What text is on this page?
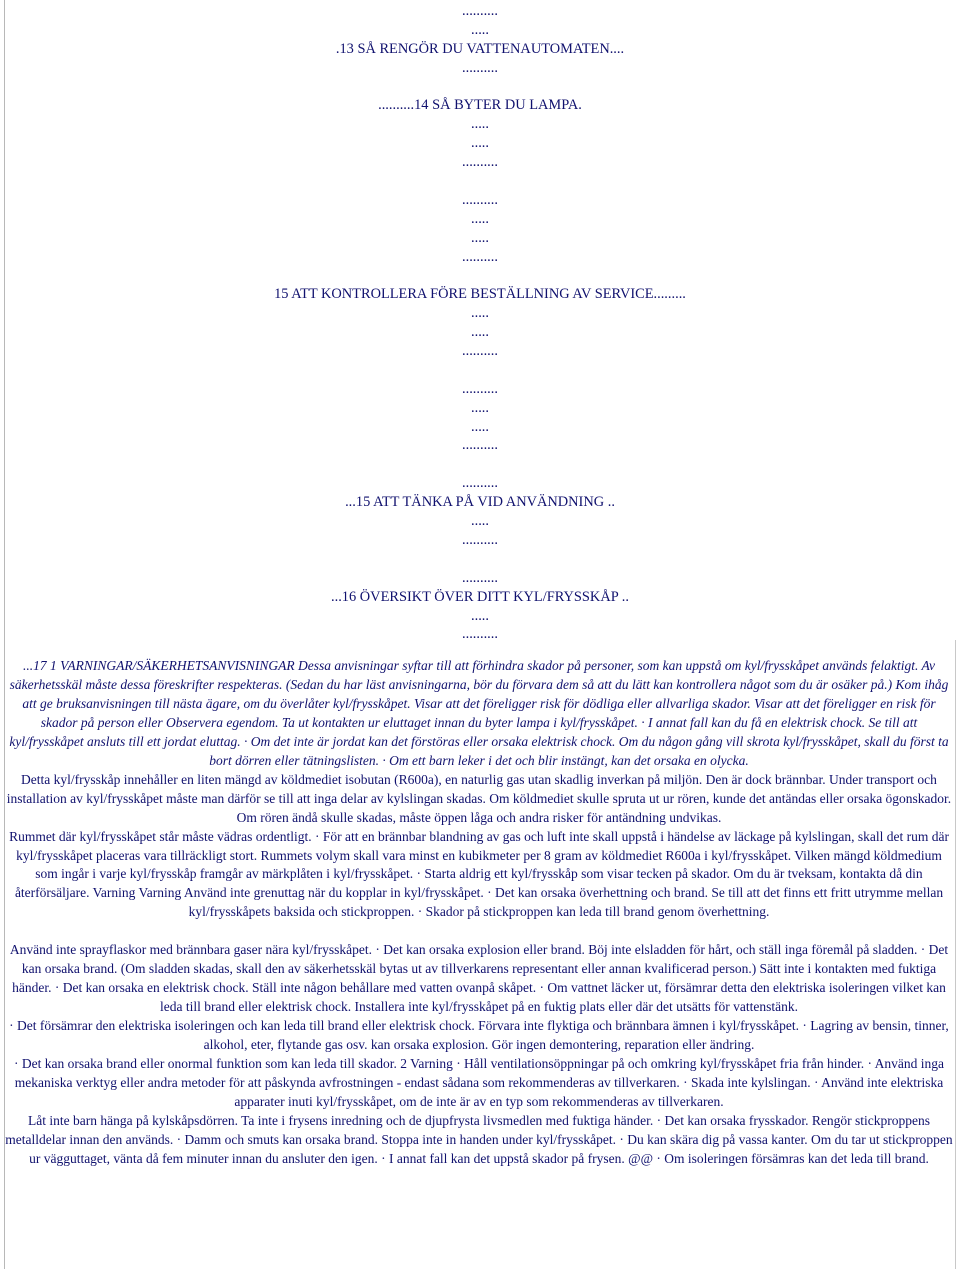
..........
.....
.13 SÅ RENGÖR DU VATTENAUTOMATEN....
..........
..........14 SÅ BYTER DU LAMPA.
.....
.....
..........
..........
.....
.....
..........
15 ATT KONTROLLERA FÖRE BESTÄLLNING AV SERVICE.........
.....
.....
..........
..........
.....
.....
..........
..........
...15 ATT TÄNKA PÅ VID ANVÄNDNING ..
.....
..........
..........
...16 ÖVERSIKT ÖVER DITT KYL/FRYSSKÅP ..
.....
..........

...17 1 VARNINGAR/SÄKERHETSANVISNINGAR Dessa anvisningar syftar till att förhindra skador på personer, som kan uppstå om kyl/frysskåpet används felaktigt. Av säkerhetsskäl måste dessa föreskrifter respekteras. (Sedan du har läst anvisningarna, bör du förvara dem så att du lätt kan kontrollera något som du är osäker på.) Kom ihåg att ge bruksanvisningen till nästa ägare, om du överlåter kyl/frysskåpet. Visar att det föreligger risk för dödliga eller allvarliga skador. Visar att det föreligger en risk för skador på person eller Observera egendom. Ta ut kontakten ur eluttaget innan du byter lampa i kyl/frysskåpet. · I annat fall kan du få en elektrisk chock. Se till att kyl/frysskåpet ansluts till ett jordat eluttag. · Om det inte är jordat kan det förstöras eller orsaka elektrisk chock. Om du någon gång vill skrota kyl/frysskåpet, skall du först ta bort dörren eller tätningslisten. · Om ett barn leker i det och blir instängt, kan det orsaka en olycka.

Detta kyl/frysskåp innehåller en liten mängd av köldmediet isobutan (R600a), en naturlig gas utan skadlig inverkan på miljön. Den är dock brännbar. Under transport och installation av kyl/frysskåpet måste man därför se till att inga delar av kylslingan skadas. Om köldmediet skulle spruta ut ur rören, kunde det antändas eller orsaka ögonskador. Om rören ändå skulle skadas, måste öppen låga och andra risker för antändning undvikas.

Rummet där kyl/frysskåpet står måste vädras ordentligt. · För att en brännbar blandning av gas och luft inte skall uppstå i händelse av läckage på kylslingan, skall det rum där kyl/frysskåpet placeras vara tillräckligt stort. Rummets volym skall vara minst en kubikmeter per 8 gram av köldmediet R600a i kyl/frysskåpet. Vilken mängd köldmedium som ingår i varje kyl/frysskåp framgår av märkplåten i kyl/frysskåpet. · Starta aldrig ett kyl/frysskåp som visar tecken på skador. Om du är tveksam, kontakta då din återförsäljare. Varning Varning Använd inte grenuttag när du kopplar in kyl/frysskåpet. · Det kan orsaka överhettning och brand. Se till att det finns ett fritt utrymme mellan kyl/frysskåpets baksida och stickproppen. · Skador på stickproppen kan leda till brand genom överhettning.

Använd inte sprayflaskor med brännbara gaser nära kyl/frysskåpet. · Det kan orsaka explosion eller brand. Böj inte elsladden för hårt, och ställ inga föremål på sladden. · Det kan orsaka brand. (Om sladden skadas, skall den av säkerhetsskäl bytas ut av tillverkarens representant eller annan kvalificerad person.) Sätt inte i kontakten med fuktiga händer. · Det kan orsaka en elektrisk chock. Ställ inte någon behållare med vatten ovanpå skåpet. · Om vattnet läcker ut, försämrar detta den elektriska isoleringen vilket kan leda till brand eller elektrisk chock. Installera inte kyl/frysskåpet på en fuktig plats eller där det utsätts för vattenstänk.

· Det försämrar den elektriska isoleringen och kan leda till brand eller elektrisk chock. Förvara inte flyktiga och brännbara ämnen i kyl/frysskåpet. · Lagring av bensin, tinner, alkohol, eter, flytande gas osv. kan orsaka explosion. Gör ingen demontering, reparation eller ändring.

· Det kan orsaka brand eller onormal funktion som kan leda till skador. 2 Varning · Håll ventilationsöppningar på och omkring kyl/frysskåpet fria från hinder. · Använd inga mekaniska verktyg eller andra metoder för att påskynda avfrostningen - endast sådana som rekommenderas av tillverkaren. · Skada inte kylslingan. · Använd inte elektriska apparater inuti kyl/frysskåpet, om de inte är av en typ som rekommenderas av tillverkaren.

Låt inte barn hänga på kylskåpsdörren. Ta inte i frysens inredning och de djupfrysta livsmedlen med fuktiga händer. · Det kan orsaka frysskador. Rengör stickproppens metalldelar innan den används. · Damm och smuts kan orsaka brand. Stoppa inte in handen under kyl/frysskåpet. · Du kan skära dig på vassa kanter. Om du tar ut stickproppen ur vägguttaget, vänta då fem minuter innan du ansluter den igen. · I annat fall kan det uppstå skador på frysen. @@ · Om isoleringen försämras kan det leda till brand.
